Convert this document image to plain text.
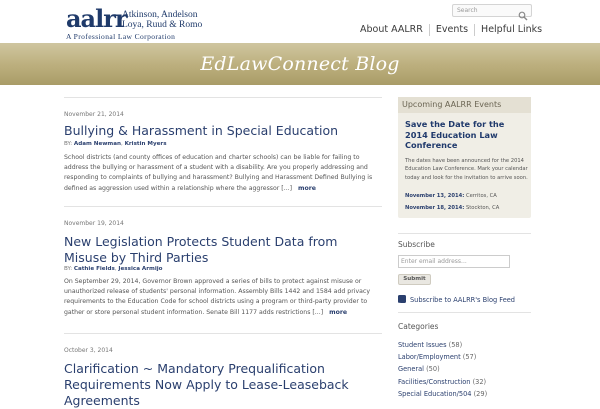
aalrr
Atkinson, Andelson
Loya, Ruud & Romo
A Professional Law Corporation
Search
About AALRR	Events	Helpful Links
EdLawConnect Blog
November 21, 2014
Bullying & Harassment in Special Education
BY: Adam Newman, Kristin Myers
School districts (and county offices of education and charter schools) can be liable for failing to address the bullying or harassment of a student with a disability. Are you properly addressing and responding to complaints of bullying and harassment? Bullying and Harassment Defined Bullying is defined as aggression used within a relationship where the aggressor [...] more
November 19, 2014
New Legislation Protects Student Data from Misuse by Third Parties
BY: Cathie Fields, Jessica Armijo
On September 29, 2014, Governor Brown approved a series of bills to protect against misuse or unauthorized release of students' personal information. Assembly Bills 1442 and 1584 add privacy requirements to the Education Code for school districts using a program or third-party provider to gather or store personal student information. Senate Bill 1177 adds restrictions [...] more
October 3, 2014
Clarification ~ Mandatory Prequalification Requirements Now Apply to Lease-Leaseback Agreements
Upcoming AALRR Events
Save the Date for the 2014 Education Law Conference
The dates have been announced for the 2014 Education Law Conference. Mark your calendar today and look for the invitation to arrive soon.
November 13, 2014: Cerritos, CA
November 18, 2014: Stockton, CA
Subscribe
Enter email address...
Submit
Subscribe to AALRR's Blog Feed
Categories
Student Issues (58)
Labor/Employment (57)
General (50)
Facilities/Construction (32)
Special Education/504 (29)
